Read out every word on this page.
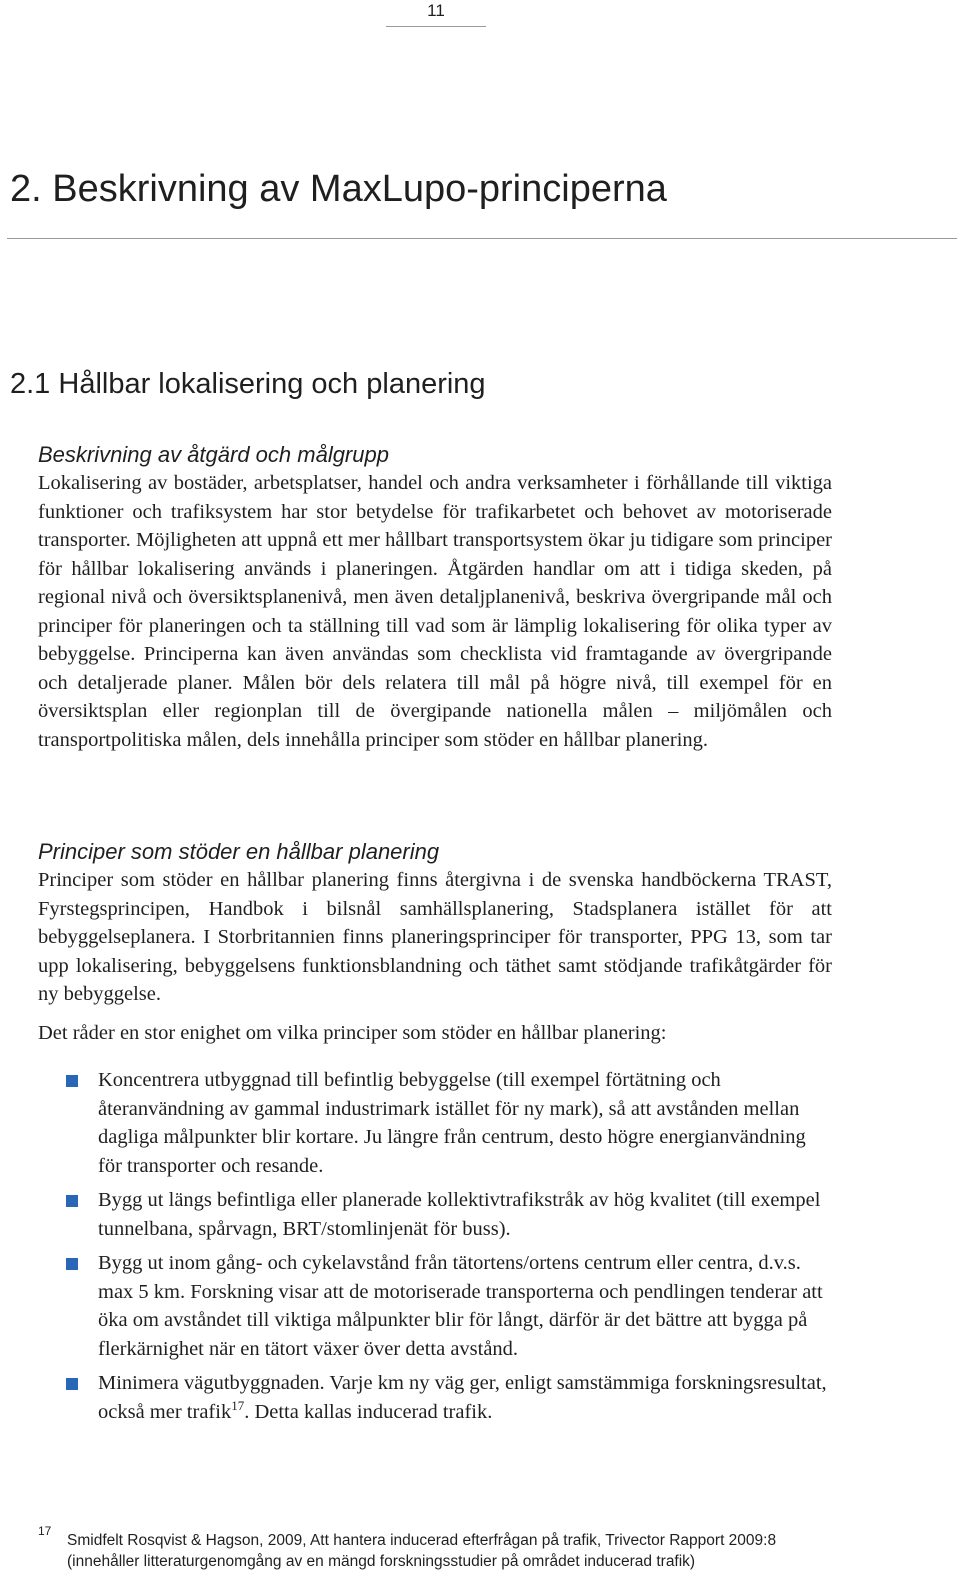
11
2. Beskrivning av MaxLupo-principerna
2.1 Hållbar lokalisering och planering
Beskrivning av åtgärd och målgrupp

Lokalisering av bostäder, arbetsplatser, handel och andra verksamheter i förhållande till viktiga funktioner och trafiksystem har stor betydelse för trafikarbetet och behovet av motoriserade transporter. Möjligheten att uppnå ett mer hållbart transportsystem ökar ju tidigare som principer för hållbar lokalisering används i planeringen. Åtgärden handlar om att i tidiga skeden, på regional nivå och översiktsplanenivå, men även detaljplanenivå, beskriva övergripande mål och principer för planeringen och ta ställning till vad som är lämplig lokalisering för olika typer av bebyggelse. Principerna kan även användas som checklista vid framtagande av övergripande och detaljerade planer. Målen bör dels relatera till mål på högre nivå, till exempel för en översiktsplan eller regionplan till de övergipande nationella målen – miljömålen och transportpolitiska målen, dels innehålla principer som stöder en hållbar planering.

Principer som stöder en hållbar planering

Principer som stöder en hållbar planering finns återgivna i de svenska handböckerna TRAST, Fyrstegsprincipen, Handbok i bilsnål samhällsplanering, Stadsplanera istället för att bebyggelseplanera. I Storbritannien finns planeringsprinciper för transporter, PPG 13, som tar upp lokalisering, bebyggelsens funktionsblandning och täthet samt stödjande trafikåtgärder för ny bebyggelse.

Det råder en stor enighet om vilka principer som stöder en hållbar planering:

Koncentrera utbyggnad till befintlig bebyggelse (till exempel förtätning och återanvändning av gammal industrimark istället för ny mark), så att avstånden mellan dagliga målpunkter blir kortare. Ju längre från centrum, desto högre energianvändning för transporter och resande.
Bygg ut längs befintliga eller planerade kollektivtrafikstråk av hög kvalitet (till exempel tunnelbana, spårvagn, BRT/stomlinjenät för buss).
Bygg ut inom gång- och cykelavstånd från tätortens/ortens centrum eller centra, d.v.s. max 5 km. Forskning visar att de motoriserade transporterna och pendlingen tenderar att öka om avståndet till viktiga målpunkter blir för långt, därför är det bättre att bygga på flerkärnighet när en tätort växer över detta avstånd.
Minimera vägutbyggnaden. Varje km ny väg ger, enligt samstämmiga forskningsresultat, också mer trafik$^{17}$. Detta kallas inducerad trafik.
17
Smidfelt Rosqvist & Hagson, 2009, Att hantera inducerad efterfrågan på trafik, Trivector Rapport 2009:8
(innehåller litteraturgenomgång av en mängd forskningsstudier på området inducerad trafik)
